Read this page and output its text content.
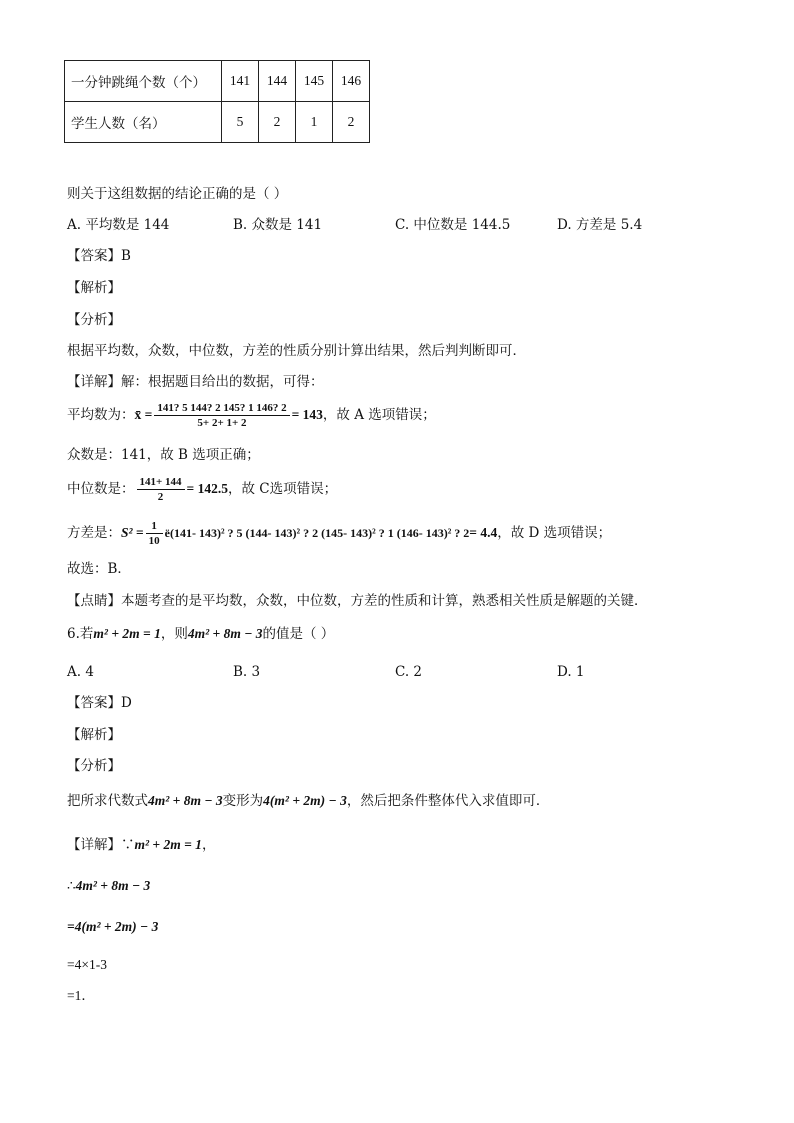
一分钟跳绳个数（个）	141	144	145	146
学生人数（名）	5	2	1	2
则关于这组数据的结论正确的是（ ）
A. 平均数是 144	B. 众数是 141	C. 中位数是 144.5	D. 方差是 5.4
【答案】B
【解析】
【分析】
根据平均数，众数，中位数，方差的性质分别计算出结果，然后判判断即可．
【详解】解：根据题目给出的数据，可得：
平均数为：x̄ = $\frac{141? 5 144? 2 145? 1 146? 2}{5+ 2+ 1+ 2} = 143$，故 A 选项错误；
众数是：141，故 B 选项正确；
中位数是： $\frac{141+ 144}{2} = 142.5$，故 C选项错误；
方差是：$S^2 = \frac{1}{10}$ ë(141- 143)² ? 5 (144- 143)² ? 2 (145- 143)² ? 1 (146- 143)² ? 2= 4.4，故 D 选项错误；
故选：B．
【点睛】本题考查的是平均数，众数，中位数，方差的性质和计算，熟悉相关性质是解题的关键．
6.若m² + 2m = 1，则4m² + 8m − 3的值是（ ）
A. 4	B. 3	C. 2	D. 1
【答案】D
【解析】
【分析】
把所求代数式4m² + 8m − 3变形为4(m² + 2m) − 3，然后把条件整体代入求值即可．
【详解】∵m² + 2m = 1，
∴4m² + 8m − 3
=4(m² + 2m) − 3
=4×1-3
=1．
